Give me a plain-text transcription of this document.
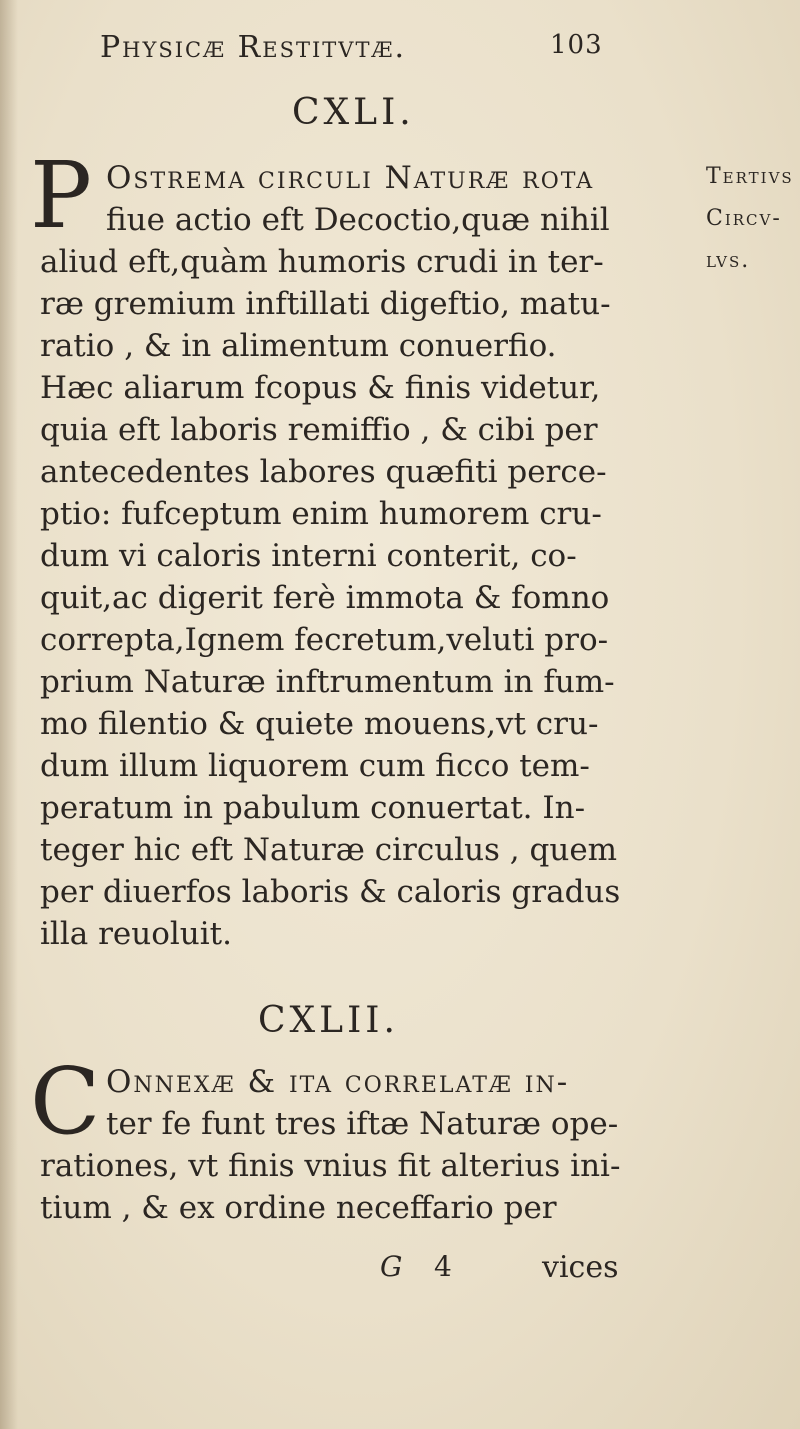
Physicæ Restitvtæ.	103
CXLI.
P Ostrema circuli Naturæ rota
fiue actio eft Decoctio,quæ nihil
aliud eft,quàm humoris crudi in ter-
ræ gremium inftillati digeftio, matu-
ratio , & in alimentum conuerfio.
Hæc aliarum fcopus & finis videtur,
quia eft laboris remiffio , & cibi per
antecedentes labores quæfiti perce-
ptio: fufceptum enim humorem cru-
dum vi caloris interni conterit, co-
quit,ac digerit ferè immota & fomno
correpta,Ignem fecretum,veluti pro-
prium Naturæ inftrumentum in fum-
mo filentio & quiete mouens,vt cru-
dum illum liquorem cum ficco tem-
peratum in pabulum conuertat. In-
teger hic eft Naturæ circulus , quem
per diuerfos laboris & caloris gradus
illa reuoluit.
Tertivs
Circv-
lvs.
CXLII.
C Onnexæ & ita correlatæ in-
ter fe funt tres iftæ Naturæ ope-
rationes, vt finis vnius fit alterius ini-
tium , & ex ordine neceffario per
G 4	vices
